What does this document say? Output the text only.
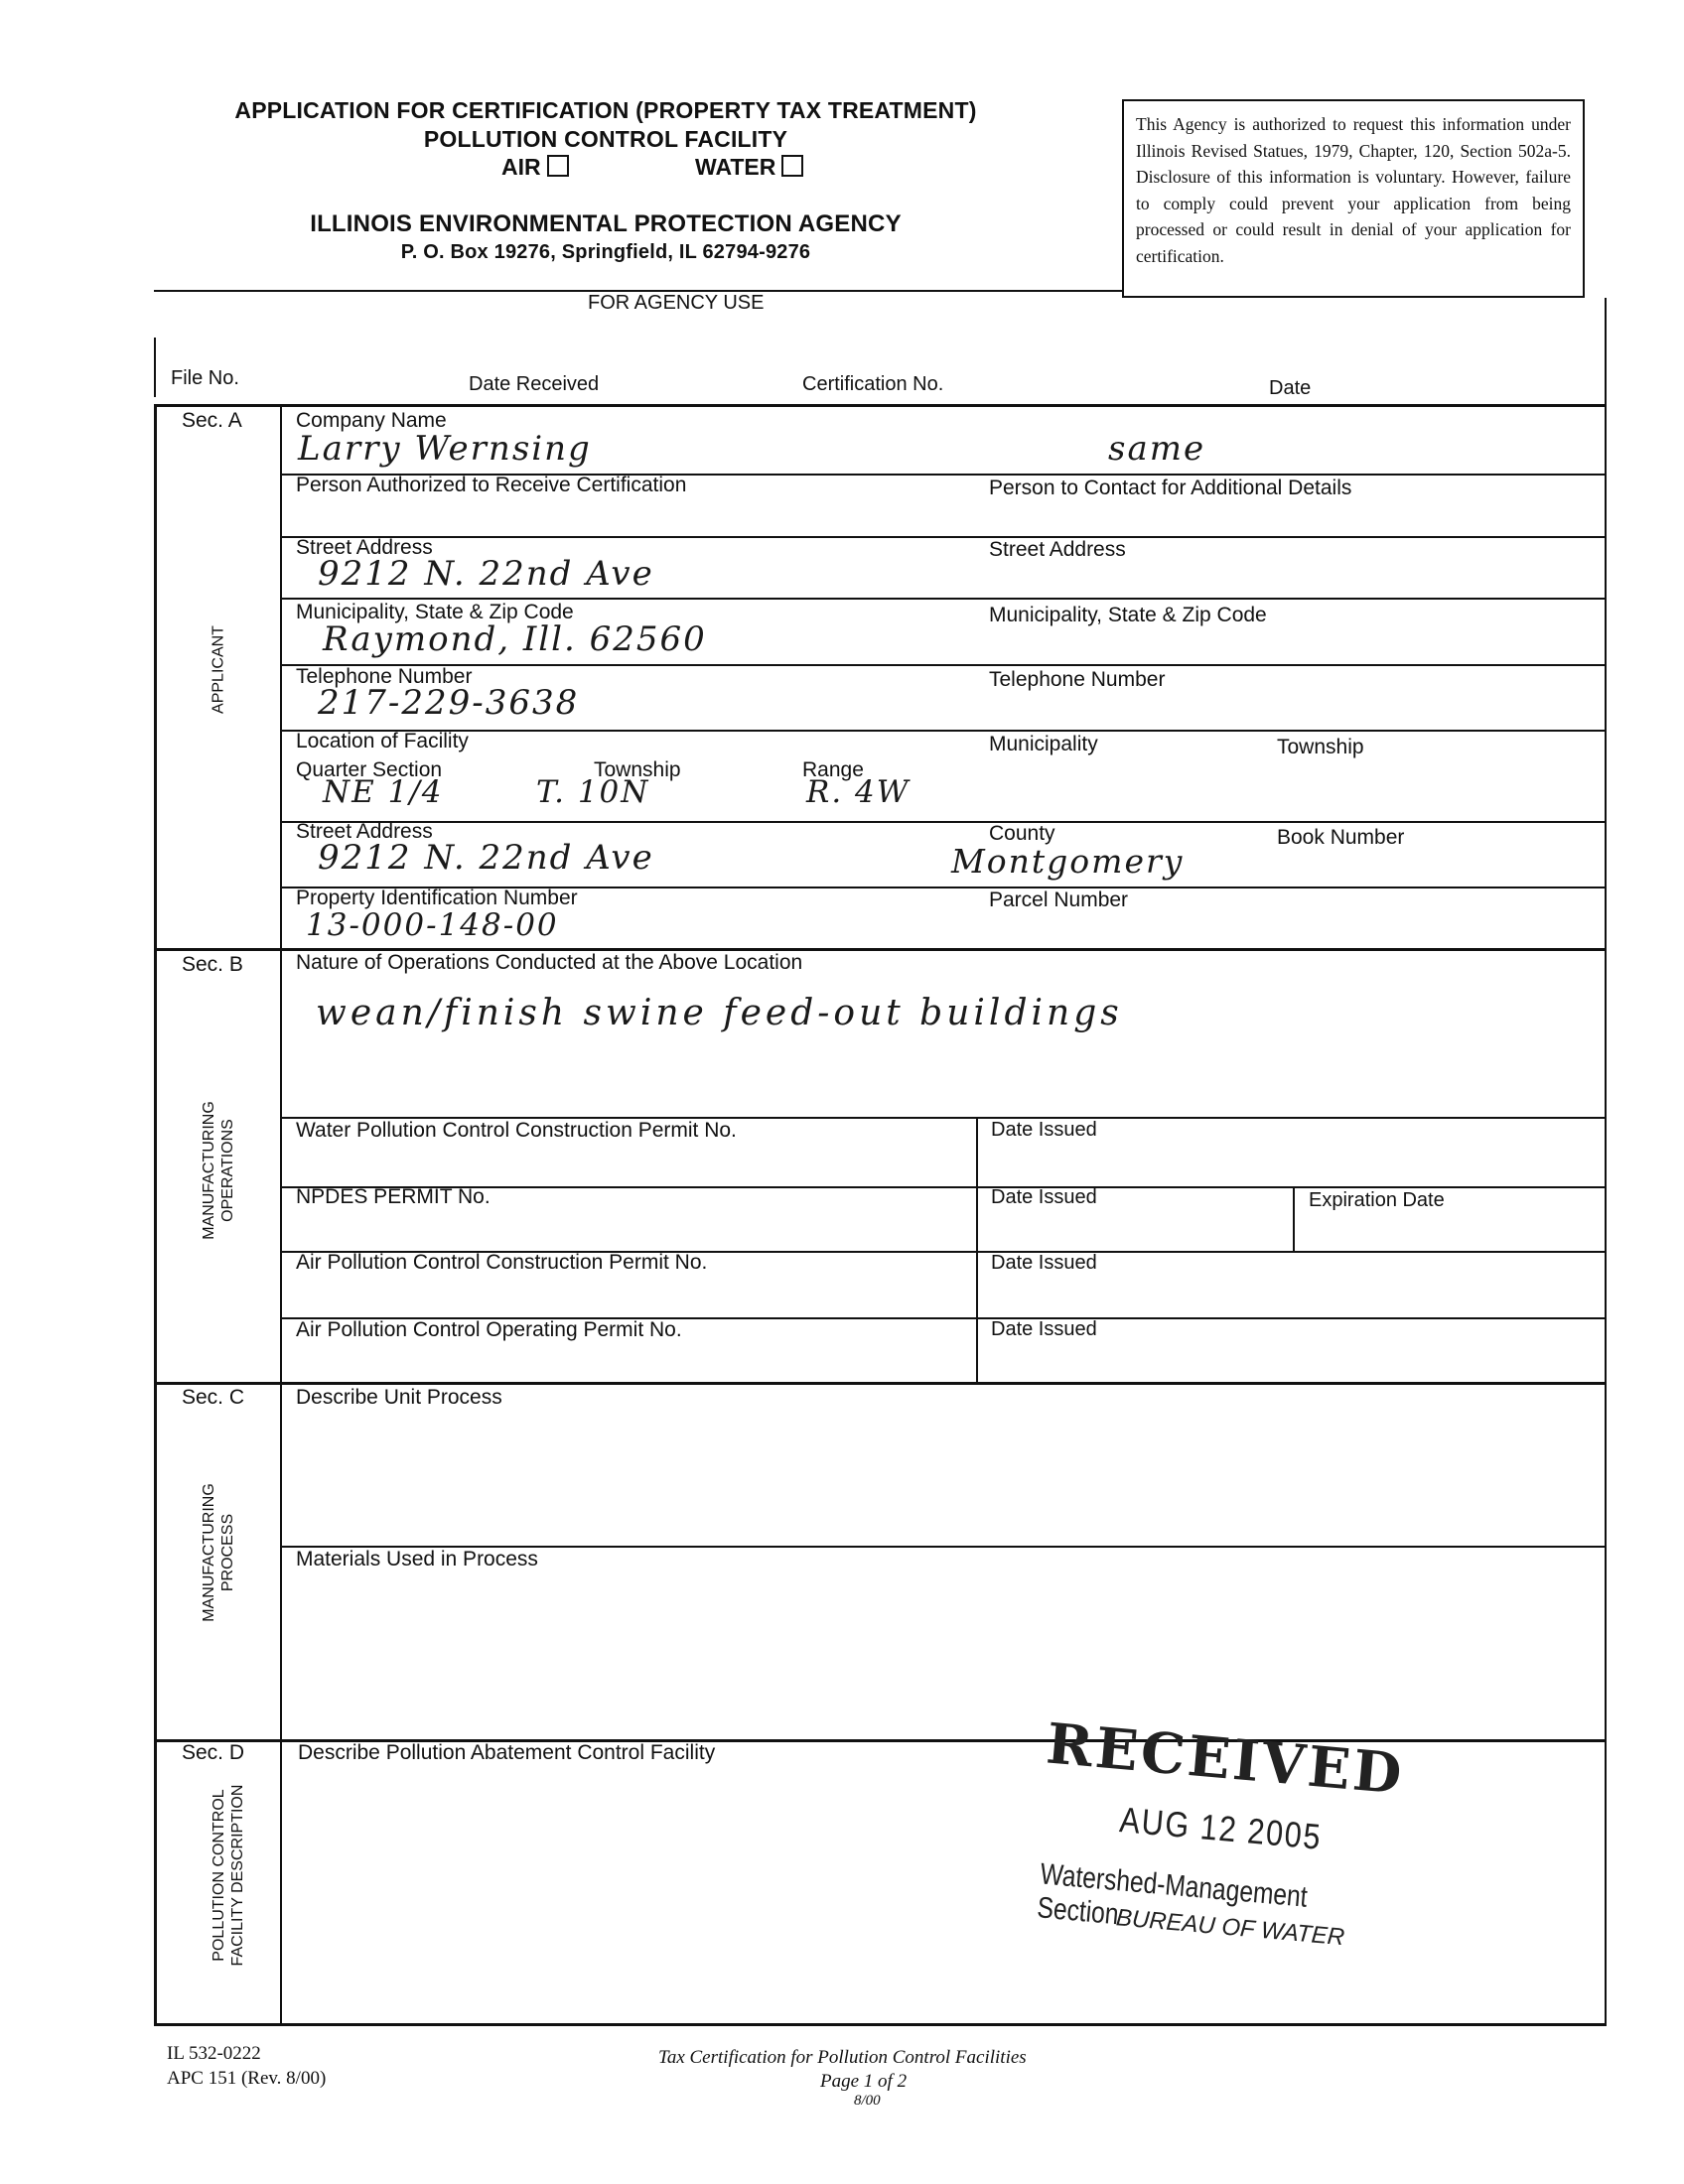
APPLICATION FOR CERTIFICATION (PROPERTY TAX TREATMENT)
POLLUTION CONTROL FACILITY
AIR	WATER
ILLINOIS ENVIRONMENTAL PROTECTION AGENCY
P. O. Box 19276, Springfield, IL 62794-9276
This Agency is authorized to request this information under Illinois Revised Statues, 1979, Chapter, 120, Section 502a-5. Disclosure of this information is voluntary. However, failure to comply could prevent your application from being processed or could result in denial of your application for certification.
FOR AGENCY USE
File No.	Date Received	Certification No.	Date
Sec. A
APPLICANT
Company Name
Larry Wernsing	same
Person Authorized to Receive Certification	Person to Contact for Additional Details
Street Address	Street Address
9212 N. 22nd Ave
Municipality, State & Zip Code	Municipality, State & Zip Code
Raymond, Ill. 62560
Telephone Number	Telephone Number
217-229-3638
Location of Facility	Municipality	Township
Quarter Section	Township	Range
NE 1/4	T. 10N	R. 4W
Street Address	County	Book Number
9212 N. 22nd Ave	Montgomery
Property Identification Number	Parcel Number
13-000-148-00
Sec. B
MANUFACTURING OPERATIONS
Nature of Operations Conducted at the Above Location
wean/finish swine feed-out buildings
Water Pollution Control Construction Permit No.	Date Issued
NPDES PERMIT No.	Date Issued	Expiration Date
Air Pollution Control Construction Permit No.	Date Issued
Air Pollution Control Operating Permit No.	Date Issued
Sec. C
MANUFACTURING PROCESS
Describe Unit Process
Materials Used in Process
Sec. D
POLLUTION CONTROL FACILITY DESCRIPTION
Describe Pollution Abatement Control Facility	RECEIVED
AUG 12 2005
Watershed-Management Section
BUREAU OF WATER
IL 532-0222
APC 151 (Rev. 8/00)
Tax Certification for Pollution Control Facilities
Page 1 of 2
8/00
